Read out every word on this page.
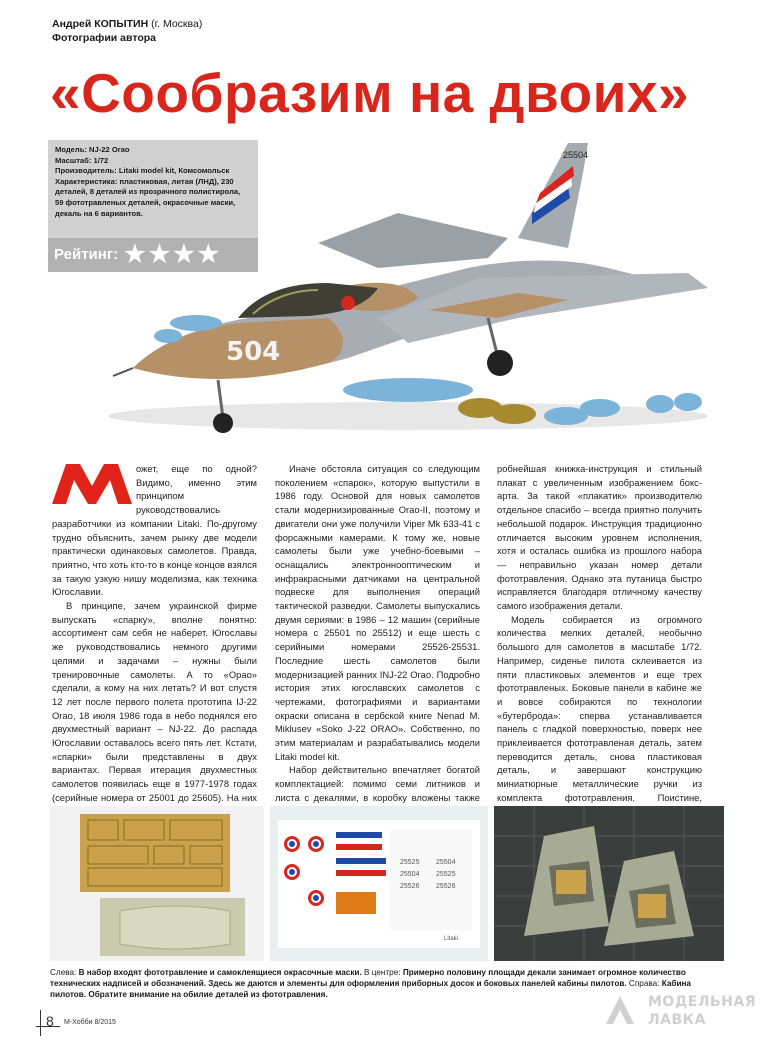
Андрей КОПЫТИН (г. Москва)
Фотографии автора
25504
504
«Сообразим на двоих»
Модель: NJ-22 Orao
Масштаб: 1/72
Производитель: Litaki model kit, Комсомольск
Характеристика: пластиковая, литая (ЛНД), 230
деталей, 8 деталей из прозрачного полистирола,
59 фототравленых деталей, окрасочные маски,
декаль на 6 вариантов.
Рейтинг: ★ ★ ★ ★

ожет, еще по одной? Видимо, именно этим принципом руководствовались разработчики из компании Litaki. По-другому трудно объяснить, зачем рынку две модели практически одинаковых самолетов. Правда, приятно, что хоть кто-то в конце концов взялся за такую узкую нишу моделизма, как техника Югославии.

В принципе, зачем украинской фирме выпускать «спарку», вполне понятно: ассортимент сам себя не наберет. Югославы же руководствовались немного другими целями и задачами – нужны были тренировочные самолеты. А то «Орао» сделали, а кому на них летать? И вот спустя 12 лет после первого полета прототипа IJ-22 Orao, 18 июля 1986 года в небо поднялся его двухместный вариант – NJ-22. До распада Югославии оставалось всего пять лет. Кстати, «спарки» были представлены в двух вариантах. Первая итерация двухместных самолетов появилась еще в 1977-1978 годах (серийные номера от 25001 до 25605). На них

Иначе обстояла ситуация со следующим поколением «спарок», которую выпустили в 1986 году. Основой для новых самолетов стали модернизированные Orao-II, поэтому и двигатели они уже получили Viper Mk 633-41 с форсажными камерами. К тому же, новые самолеты были уже учебно-боевыми – оснащались электроннооптическим и инфракрасными датчиками на центральной подвеске для выполнения операций тактической разведки. Самолеты выпускались двумя сериями: в 1986 – 12 машин (серийные номера с 25501 по 25512) и еще шесть с серийными номерами 25526-25531. Последние шесть самолетов были модернизацией ранних INJ-22 Orao. Подробно история этих югославских самолетов с чертежами, фотографиями и вариантами окраски описана в сербской книге Nenad M. Miklusev «Soko J-22 ORAO». Собственно, по этим материалам и разрабатывались модели Litaki model kit.

Набор действительно впечатляет богатой комплектацией: помимо семи литников и листа с декалями, в коробку вложены также

робнейшая книжка-инструкция и стильный плакат с увеличенным изображением бокс-арта. За такой «плакатик» производителю отдельное спасибо – всегда приятно получить небольшой подарок. Инструкция традиционно отличается высоким уровнем исполнения, хотя и осталась ошибка из прошлого набора — неправильно указан номер детали фототравления. Однако эта путаница быстро исправляется благодаря отличному качеству самого изображения детали.

Модель собирается из огромного количества мелких деталей, необычно большого для самолетов в масштабе 1/72. Например, сиденье пилота склеивается из пяти пластиковых элементов и еще трех фототравленых. Боковые панели в кабине же и вовсе собираются по технологии «бутерброда»: сперва устанавливается панель с гладкой поверхностью, поверх нее приклеивается фототравленая деталь, затем переводится деталь, снова пластиковая деталь, и завершают конструкцию миниатюрные металлические ручки из комплекта фототравления. Поистине,

25525
25504
25526
25504
25525
25526
Litaki
Слева: В набор входят фототравление и самоклеящиеся окрасочные маски. В центре: Примерно половину площади декали занимает огромное количество технических надписей и обозначений. Здесь же даются и элементы для оформления приборных досок и боковых панелей кабины пилотов. Справа: Кабина пилотов. Обратите внимание на обилие деталей из фототравления.
8 М-Хобби 8/2015
МОДЕЛЬНАЯ
ЛАВКА
